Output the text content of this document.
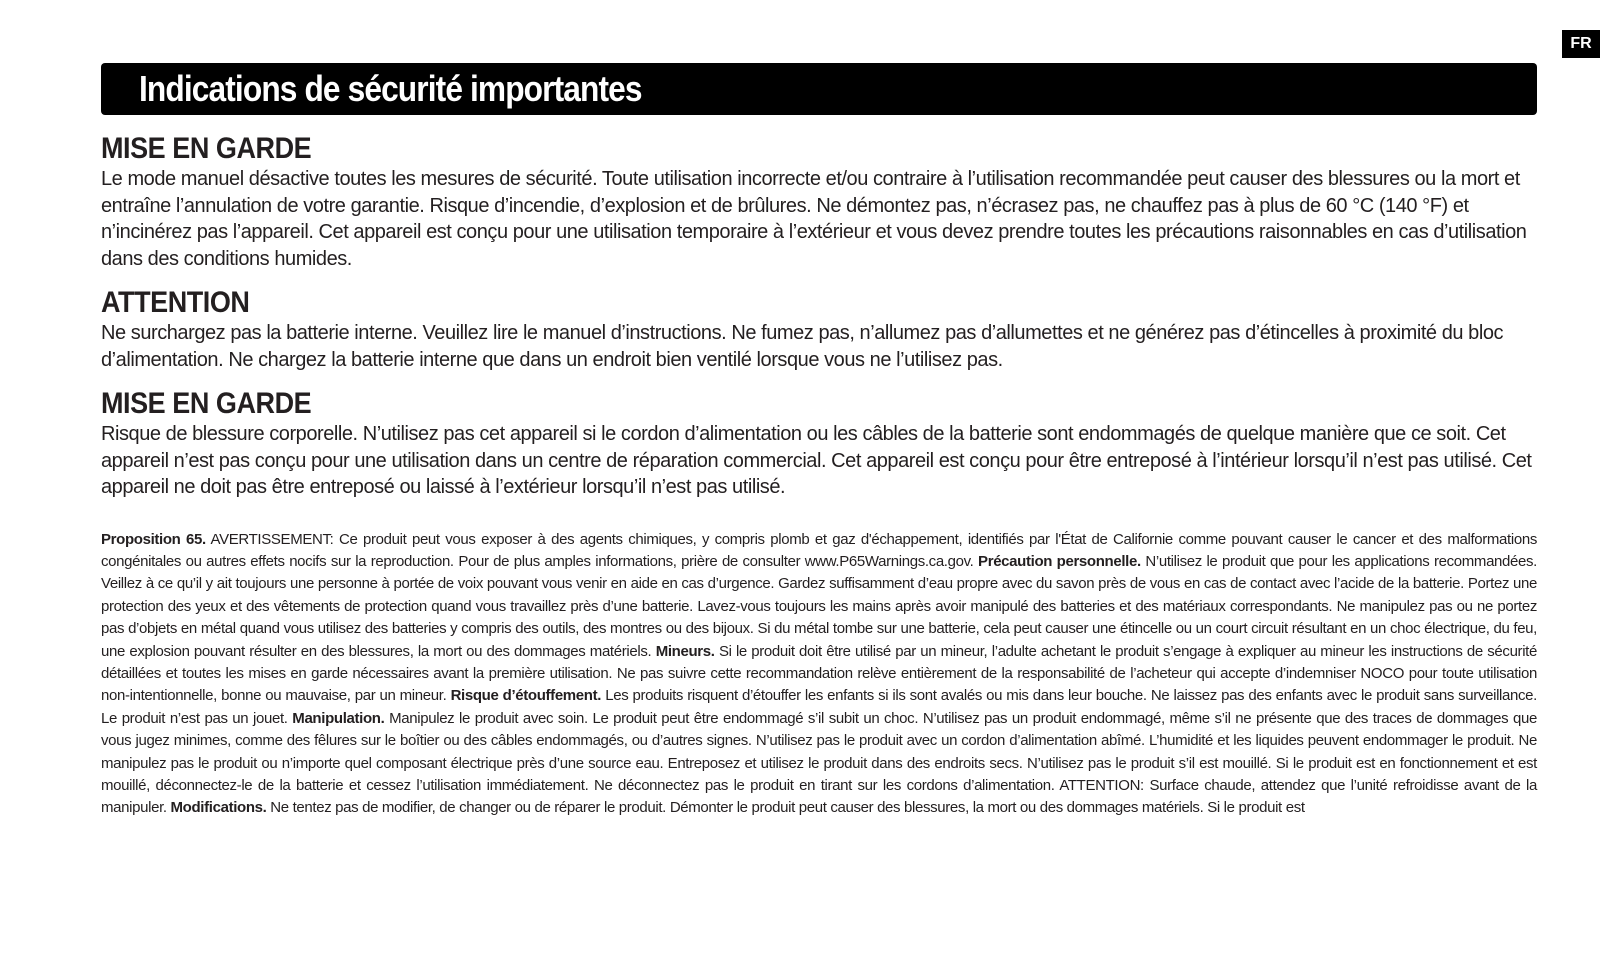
FR
Indications de sécurité importantes
MISE EN GARDE

Le mode manuel désactive toutes les mesures de sécurité. Toute utilisation incorrecte et/ou contraire à l’utilisation recommandée peut causer des blessures ou la mort et entraîne l’annulation de votre garantie. Risque d’incendie, d’explosion et de brûlures. Ne démontez pas, n’écrasez pas, ne chauffez pas à plus de 60 °C (140 °F) et n’incinérez pas l’appareil. Cet appareil est conçu pour une utilisation temporaire à l’extérieur et vous devez prendre toutes les précautions raisonnables en cas d’utilisation dans des conditions humides.

ATTENTION

Ne surchargez pas la batterie interne. Veuillez lire le manuel d’instructions. Ne fumez pas, n’allumez pas d’allumettes et ne générez pas d’étincelles à proximité du bloc d’alimentation. Ne chargez la batterie interne que dans un endroit bien ventilé lorsque vous ne l’utilisez pas.

MISE EN GARDE

Risque de blessure corporelle. N’utilisez pas cet appareil si le cordon d’alimentation ou les câbles de la batterie sont endommagés de quelque manière que ce soit. Cet appareil n’est pas conçu pour une utilisation dans un centre de réparation commercial. Cet appareil est conçu pour être entreposé à l’intérieur lorsqu’il n’est pas utilisé. Cet appareil ne doit pas être entreposé ou laissé à l’extérieur lorsqu’il n’est pas utilisé.

Proposition 65. AVERTISSEMENT: Ce produit peut vous exposer à des agents chimiques, y compris plomb et gaz d'échappement, identifiés par l'État de Californie comme pouvant causer le cancer et des malformations congénitales ou autres effets nocifs sur la reproduction. Pour de plus amples informations, prière de consulter www.P65Warnings.ca.gov. Précaution personnelle. N’utilisez le produit que pour les applications recommandées. Veillez à ce qu’il y ait toujours une personne à portée de voix pouvant vous venir en aide en cas d’urgence. Gardez suffisamment d’eau propre avec du savon près de vous en cas de contact avec l’acide de la batterie. Portez une protection des yeux et des vêtements de protection quand vous travaillez près d’une batterie. Lavez-vous toujours les mains après avoir manipulé des batteries et des matériaux correspondants. Ne manipulez pas ou ne portez pas d’objets en métal quand vous utilisez des batteries y compris des outils, des montres ou des bijoux. Si du métal tombe sur une batterie, cela peut causer une étincelle ou un court circuit résultant en un choc électrique, du feu, une explosion pouvant résulter en des blessures, la mort ou des dommages matériels. Mineurs. Si le produit doit être utilisé par un mineur, l’adulte achetant le produit s’engage à expliquer au mineur les instructions de sécurité détaillées et toutes les mises en garde nécessaires avant la première utilisation. Ne pas suivre cette recommandation relève entièrement de la responsabilité de l’acheteur qui accepte d’indemniser NOCO pour toute utilisation non-intentionnelle, bonne ou mauvaise, par un mineur. Risque d’étouffement. Les produits risquent d’étouffer les enfants si ils sont avalés ou mis dans leur bouche. Ne laissez pas des enfants avec le produit sans surveillance. Le produit n’est pas un jouet. Manipulation. Manipulez le produit avec soin. Le produit peut être endommagé s’il subit un choc. N’utilisez pas un produit endommagé, même s’il ne présente que des traces de dommages que vous jugez minimes, comme des fêlures sur le boîtier ou des câbles endommagés, ou d’autres signes. N’utilisez pas le produit avec un cordon d’alimentation abîmé. L’humidité et les liquides peuvent endommager le produit. Ne manipulez pas le produit ou n’importe quel composant électrique près d’une source eau. Entreposez et utilisez le produit dans des endroits secs. N’utilisez pas le produit s’il est mouillé. Si le produit est en fonctionnement et est mouillé, déconnectez-le de la batterie et cessez l’utilisation immédiatement. Ne déconnectez pas le produit en tirant sur les cordons d’alimentation. ATTENTION: Surface chaude, attendez que l’unité refroidisse avant de la manipuler. Modifications. Ne tentez pas de modifier, de changer ou de réparer le produit. Démonter le produit peut causer des blessures, la mort ou des dommages matériels. Si le produit est
